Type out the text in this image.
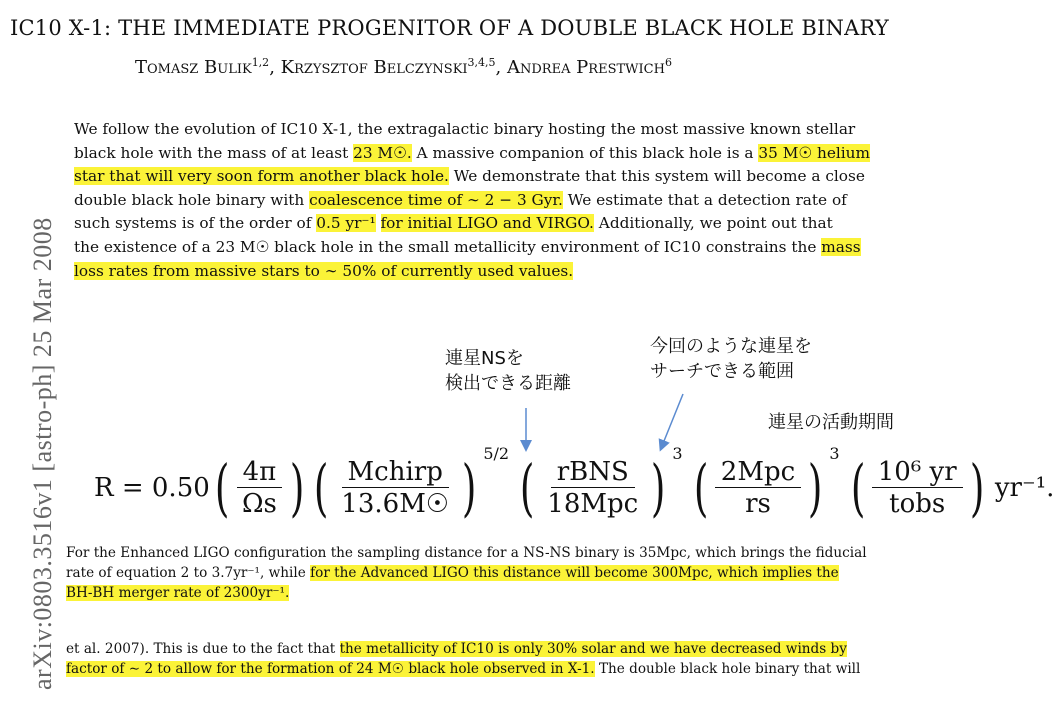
IC10 X-1: THE IMMEDIATE PROGENITOR OF A DOUBLE BLACK HOLE BINARY
Tomasz Bulik$^{1,2}$, Krzysztof Belczynski$^{3,4,5}$, Andrea Prestwich$^6$
arXiv:0803.3516v1 [astro-ph] 25 Mar 2008
We follow the evolution of IC10 X-1, the extragalactic binary hosting the most massive known stellar
black hole with the mass of at least 23 M☉. A massive companion of this black hole is a 35 M☉ helium
star that will very soon form another black hole. We demonstrate that this system will become a close
double black hole binary with coalescence time of ∼ 2 − 3 Gyr. We estimate that a detection rate of
such systems is of the order of 0.5 yr⁻¹ for initial LIGO and VIRGO. Additionally, we point out that
the existence of a 23 M☉ black hole in the small metallicity environment of IC10 constrains the mass
loss rates from massive stars to ∼ 50% of currently used values.
連星NSを
検出できる距離
今回のような連星を
サーチできる範囲
連星の活動期間
R = 0.50 ( $\frac{4\pi}{\Omega s}$ ) ( $\frac{\text{Mchirp}}{13.6M☉}$ ) 5/2 ( $\frac{\text{rBNS}}{\text{18Mpc}}$ ) 3 ( $\frac{\text{2Mpc}}{rs}$ ) 3 ( $\frac{\text{10⁶ yr}}{\text{tobs}}$ ) yr⁻¹.
For the Enhanced LIGO configuration the sampling distance for a NS-NS binary is 35Mpc, which brings the fiducial
rate of equation 2 to 3.7yr⁻¹, while for the Advanced LIGO this distance will become 300Mpc, which implies the
BH-BH merger rate of 2300yr⁻¹.
et al. 2007). This is due to the fact that the metallicity of IC10 is only 30% solar and we have decreased winds by
factor of ∼ 2 to allow for the formation of 24 M☉ black hole observed in X-1. The double black hole binary that will
